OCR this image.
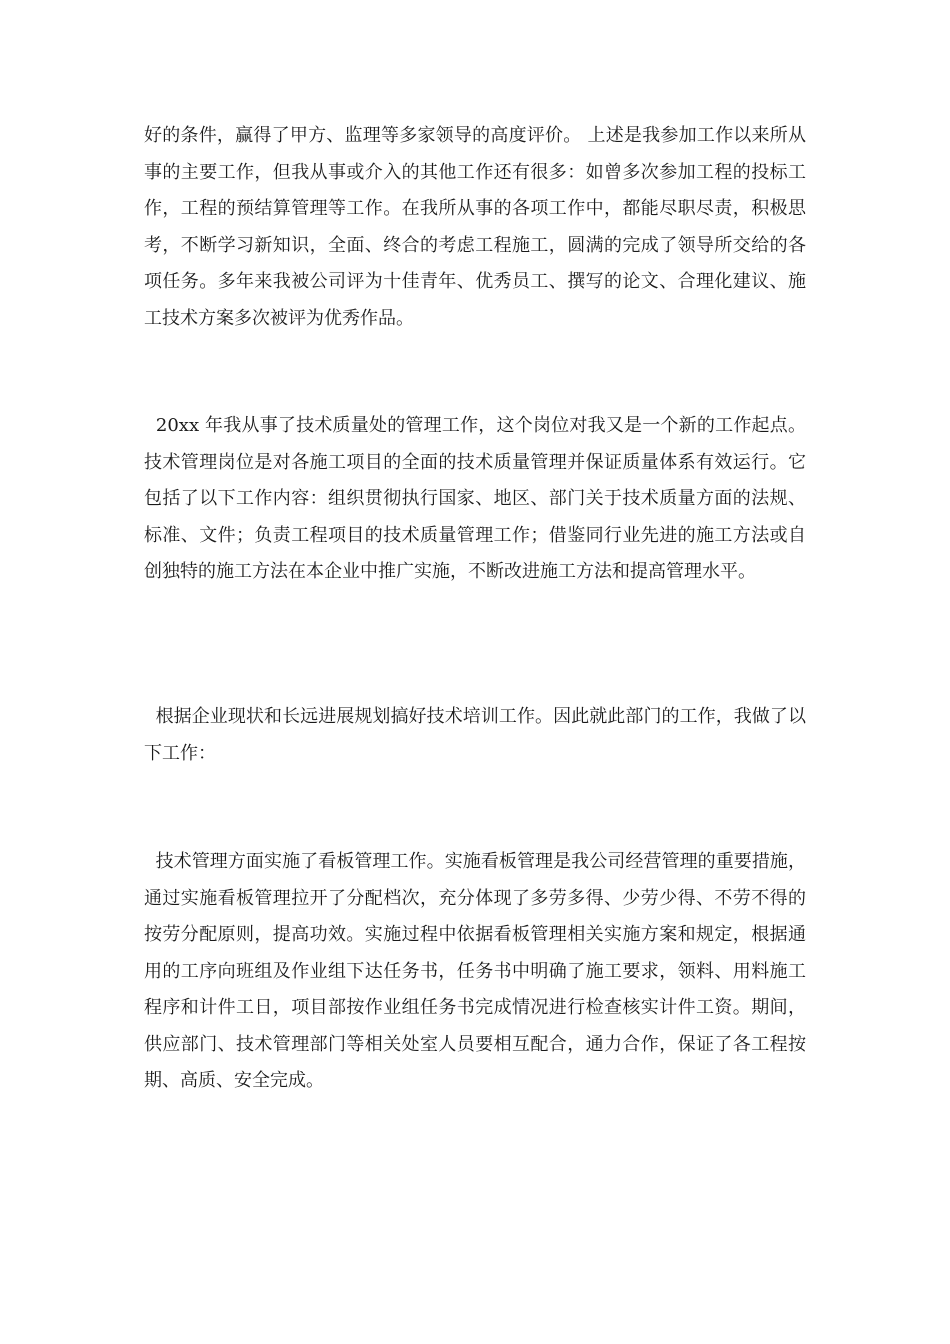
好的条件，赢得了甲方、监理等多家领导的高度评价。 上述是我参加工作以来所从事的主要工作，但我从事或介入的其他工作还有很多：如曾多次参加工程的投标工作，工程的预结算管理等工作。在我所从事的各项工作中，都能尽职尽责，积极思考，不断学习新知识，全面、终合的考虑工程施工，圆满的完成了领导所交给的各项任务。多年来我被公司评为十佳青年、优秀员工、撰写的论文、合理化建议、施工技术方案多次被评为优秀作品。

20xx 年我从事了技术质量处的管理工作，这个岗位对我又是一个新的工作起点。技术管理岗位是对各施工项目的全面的技术质量管理并保证质量体系有效运行。它包括了以下工作内容：组织贯彻执行国家、地区、部门关于技术质量方面的法规、标准、文件；负责工程项目的技术质量管理工作；借鉴同行业先进的施工方法或自创独特的施工方法在本企业中推广实施，不断改进施工方法和提高管理水平。

根据企业现状和长远进展规划搞好技术培训工作。因此就此部门的工作，我做了以下工作：

技术管理方面实施了看板管理工作。实施看板管理是我公司经营管理的重要措施，通过实施看板管理拉开了分配档次，充分体现了多劳多得、少劳少得、不劳不得的按劳分配原则，提高功效。实施过程中依据看板管理相关实施方案和规定，根据通用的工序向班组及作业组下达任务书，任务书中明确了施工要求，领料、用料施工程序和计件工日，项目部按作业组任务书完成情况进行检查核实计件工资。期间，供应部门、技术管理部门等相关处室人员要相互配合，通力合作，保证了各工程按期、高质、安全完成。
